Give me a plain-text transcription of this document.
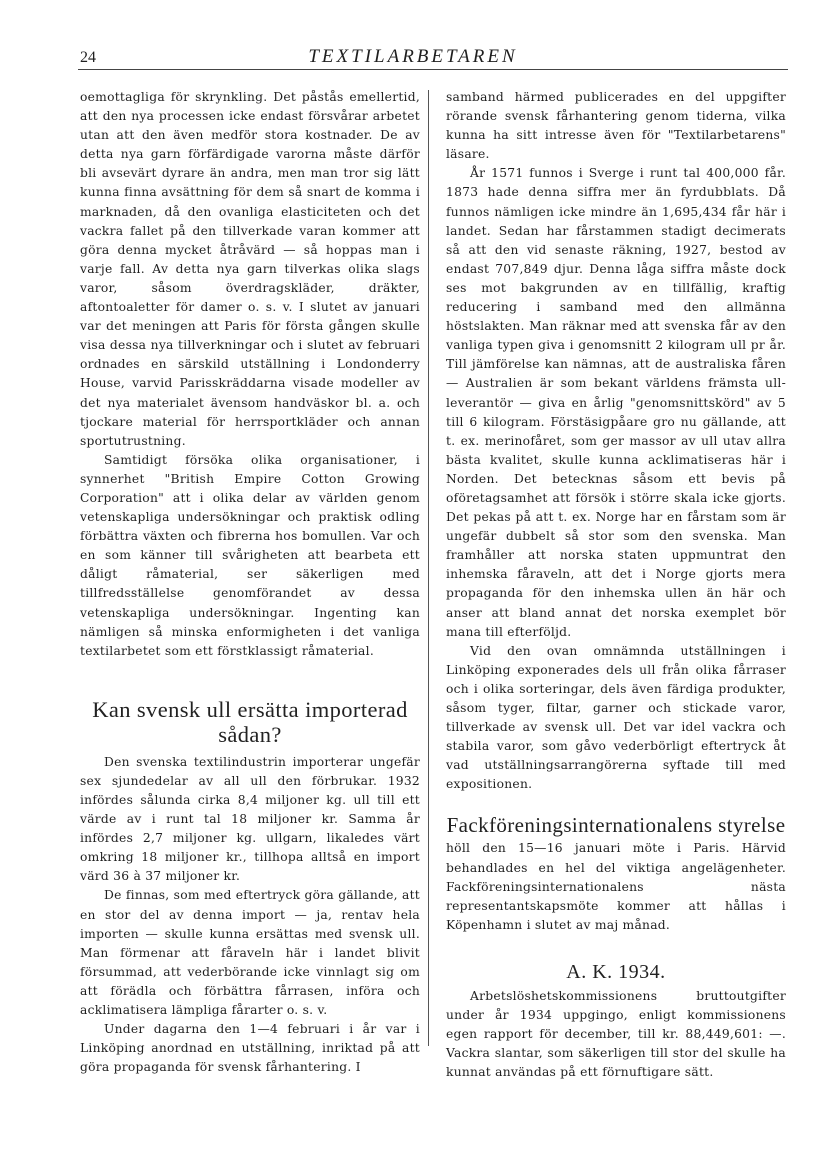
24	TEXTILARBETAREN

oemottagliga för skrynkling. Det påstås emellertid, att den nya processen icke endast försvårar arbetet utan att den även medför stora kostnader. De av detta nya garn förfärdigade varorna måste därför bli avsevärt dyrare än andra, men man tror sig lätt kunna finna avsättning för dem så snart de komma i marknaden, då den ovanliga elasticiteten och det vackra fallet på den tillverkade varan kommer att göra denna mycket åtråvärd — så hoppas man i varje fall. Av detta nya garn tilverkas olika slags varor, såsom överdragskläder, dräkter, aftontoaletter för damer o. s. v. I slutet av januari var det meningen att Paris för första gången skulle visa dessa nya tillverkningar och i slutet av februari ordnades en särskild utställning i Londonderry House, varvid Parisskräddarna visade modeller av det nya materialet ävensom handväskor bl. a. och tjockare material för herrsportkläder och annan sportutrustning.

Samtidigt försöka olika organisationer, i synnerhet "British Empire Cotton Growing Corporation" att i olika delar av världen genom vetenskapliga undersökningar och praktisk odling förbättra växten och fibrerna hos bomullen. Var och en som känner till svårigheten att bearbeta ett dåligt råmaterial, ser säkerligen med tillfredsställelse genomförandet av dessa vetenskapliga undersökningar. Ingenting kan nämligen så minska enformigheten i det vanliga textilarbetet som ett förstklassigt råmaterial.

Kan svensk ull ersätta importerad sådan?

Den svenska textilindustrin importerar ungefär sex sjundedelar av all ull den förbrukar. 1932 infördes sålunda cirka 8,4 miljoner kg. ull till ett värde av i runt tal 18 miljoner kr. Samma år infördes 2,7 miljoner kg. ullgarn, likaledes värt omkring 18 miljoner kr., tillhopa alltså en import värd 36 à 37 miljoner kr.

De finnas, som med eftertryck göra gällande, att en stor del av denna import — ja, rentav hela importen — skulle kunna ersättas med svensk ull. Man förmenar att fåraveln här i landet blivit försummad, att vederbörande icke vinnlagt sig om att förädla och förbättra fårrasen, införa och acklimatisera lämpliga fårarter o. s. v.

Under dagarna den 1—4 februari i år var i Linköping anordnad en utställning, inriktad på att göra propaganda för svensk fårhantering. I

samband härmed publicerades en del uppgifter rörande svensk fårhantering genom tiderna, vilka kunna ha sitt intresse även för "Textilarbetarens" läsare.

År 1571 funnos i Sverge i runt tal 400,000 får. 1873 hade denna siffra mer än fyrdubblats. Då funnos nämligen icke mindre än 1,695,434 får här i landet. Sedan har fårstammen stadigt decimerats så att den vid senaste räkning, 1927, bestod av endast 707,849 djur. Denna låga siffra måste dock ses mot bakgrunden av en tillfällig, kraftig reducering i samband med den allmänna höstslakten. Man räknar med att svenska får av den vanliga typen giva i genomsnitt 2 kilogram ull pr år. Till jämförelse kan nämnas, att de australiska fåren — Australien är som bekant världens främsta ull-leverantör — giva en årlig "genomsnittskörd" av 5 till 6 kilogram. Förstäsigpåare gro nu gällande, att t. ex. merinofåret, som ger massor av ull utav allra bästa kvalitet, skulle kunna acklimatiseras här i Norden. Det betecknas såsom ett bevis på oföretagsamhet att försök i större skala icke gjorts. Det pekas på att t. ex. Norge har en fårstam som är ungefär dubbelt så stor som den svenska. Man framhåller att norska staten uppmuntrat den inhemska fåraveln, att det i Norge gjorts mera propaganda för den inhemska ullen än här och anser att bland annat det norska exemplet bör mana till efterföljd.

Vid den ovan omnämnda utställningen i Linköping exponerades dels ull från olika fårraser och i olika sorteringar, dels även färdiga produkter, såsom tyger, filtar, garner och stickade varor, tillverkade av svensk ull. Det var idel vackra och stabila varor, som gåvo vederbörligt eftertryck åt vad utställningsarrangörerna syftade till med expositionen.

Fackföreningsinternationalens styrelse

höll den 15—16 januari möte i Paris. Härvid behandlades en hel del viktiga angelägenheter. Fackföreningsinternationalens nästa representantskapsmöte kommer att hållas i Köpenhamn i slutet av maj månad.

A. K. 1934.

Arbetslöshetskommissionens bruttoutgifter under år 1934 uppgingo, enligt kommissionens egen rapport för december, till kr. 88,449,601: —. Vackra slantar, som säkerligen till stor del skulle ha kunnat användas på ett förnuftigare sätt.
